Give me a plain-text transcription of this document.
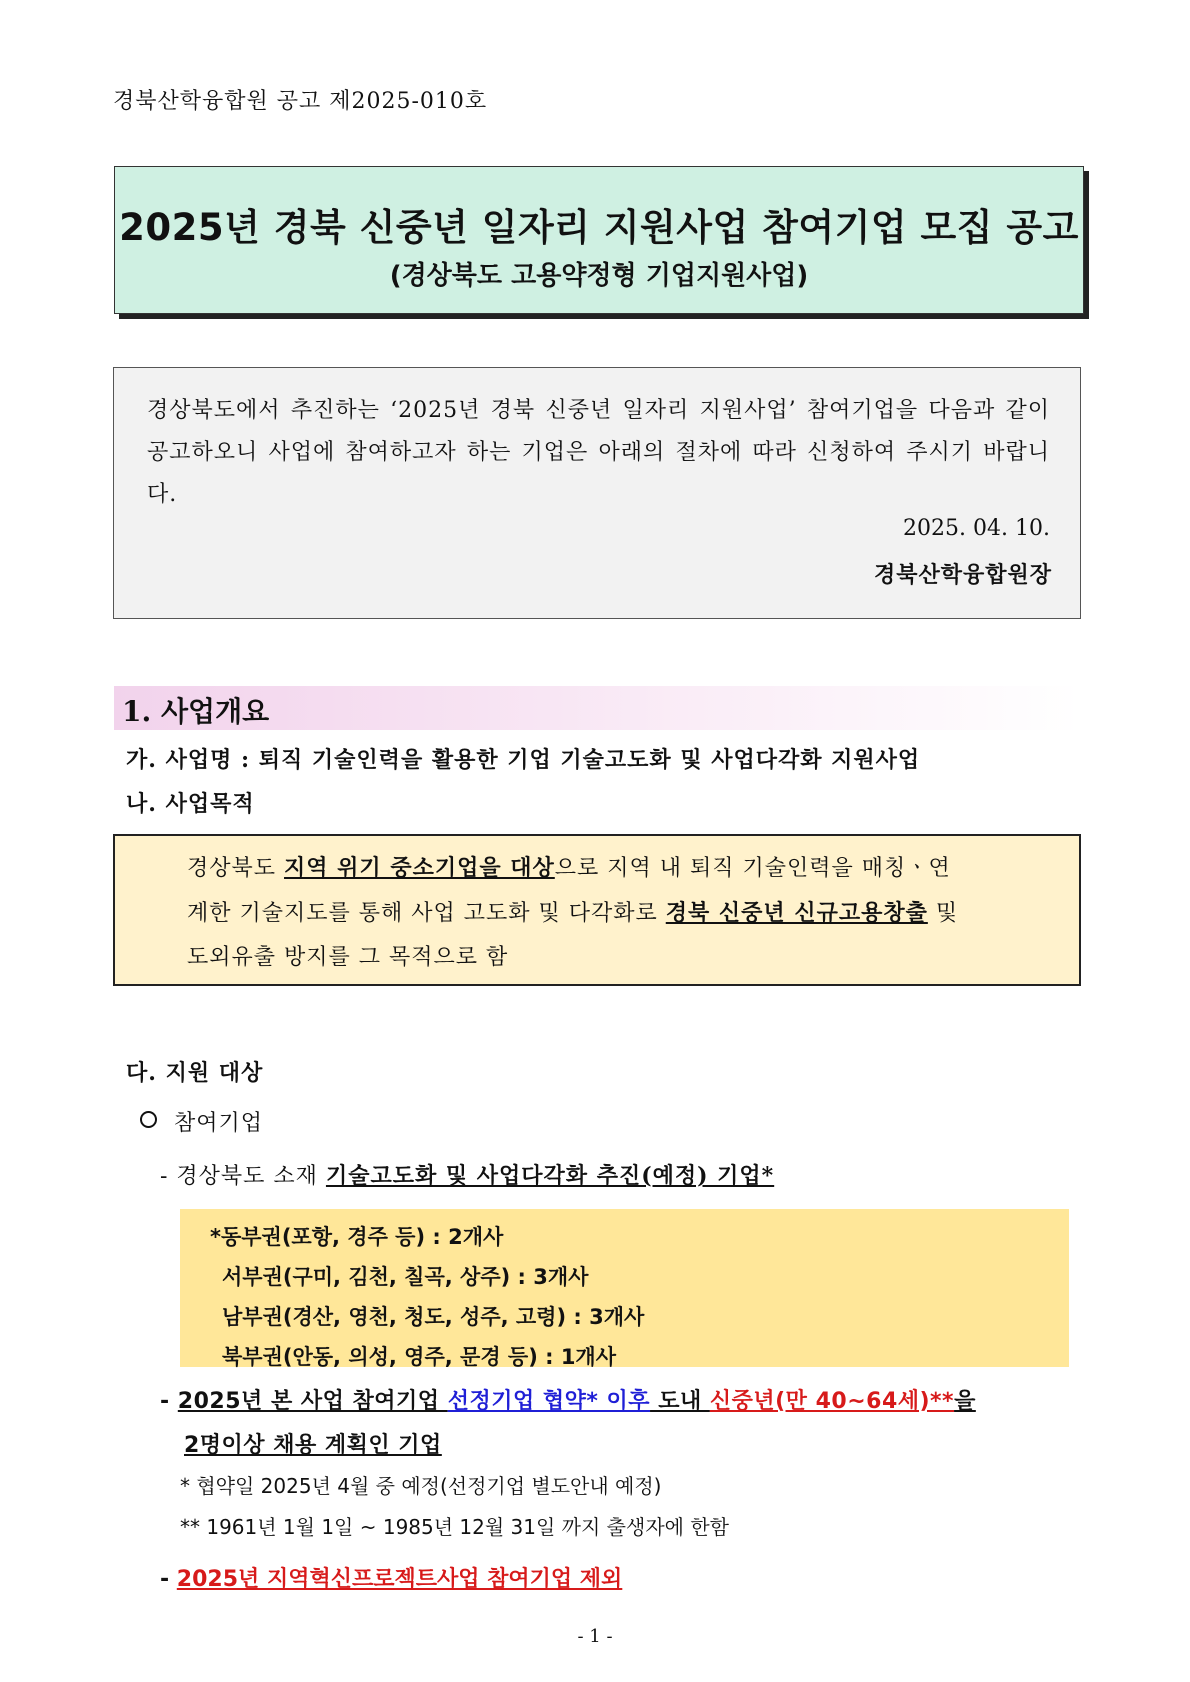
경북산학융합원 공고 제2025-010호
2025년 경북 신중년 일자리 지원사업 참여기업 모집 공고
(경상북도 고용약정형 기업지원사업)
경상북도에서 추진하는 ‘2025년 경북 신중년 일자리 지원사업’ 참여기업을 다음과 같이 공고하오니 사업에 참여하고자 하는 기업은 아래의 절차에 따라 신청하여 주시기 바랍니다.
2025. 04. 10.
경북산학융합원장
1. 사업개요
가. 사업명 : 퇴직 기술인력을 활용한 기업 기술고도화 및 사업다각화 지원사업
나. 사업목적
경상북도 지역 위기 중소기업을 대상으로 지역 내 퇴직 기술인력을 매칭ㆍ연계한 기술지도를 통해 사업 고도화 및 다각화로 경북 신중년 신규고용창출 및 도외유출 방지를 그 목적으로 함
다. 지원 대상
참여기업
- 경상북도 소재 기술고도화 및 사업다각화 추진(예정) 기업*
*동부권(포항, 경주 등) : 2개사
서부권(구미, 김천, 칠곡, 상주) : 3개사
남부권(경산, 영천, 청도, 성주, 고령) : 3개사
북부권(안동, 의성, 영주, 문경 등) : 1개사
- 2025년 본 사업 참여기업 선정기업 협약* 이후 도내 신중년(만 40~64세)**을
2명이상 채용 계획인 기업
* 협약일 2025년 4월 중 예정(선정기업 별도안내 예정)
** 1961년 1월 1일 ~ 1985년 12월 31일 까지 출생자에 한함
- 2025년 지역혁신프로젝트사업 참여기업 제외
- 1 -
